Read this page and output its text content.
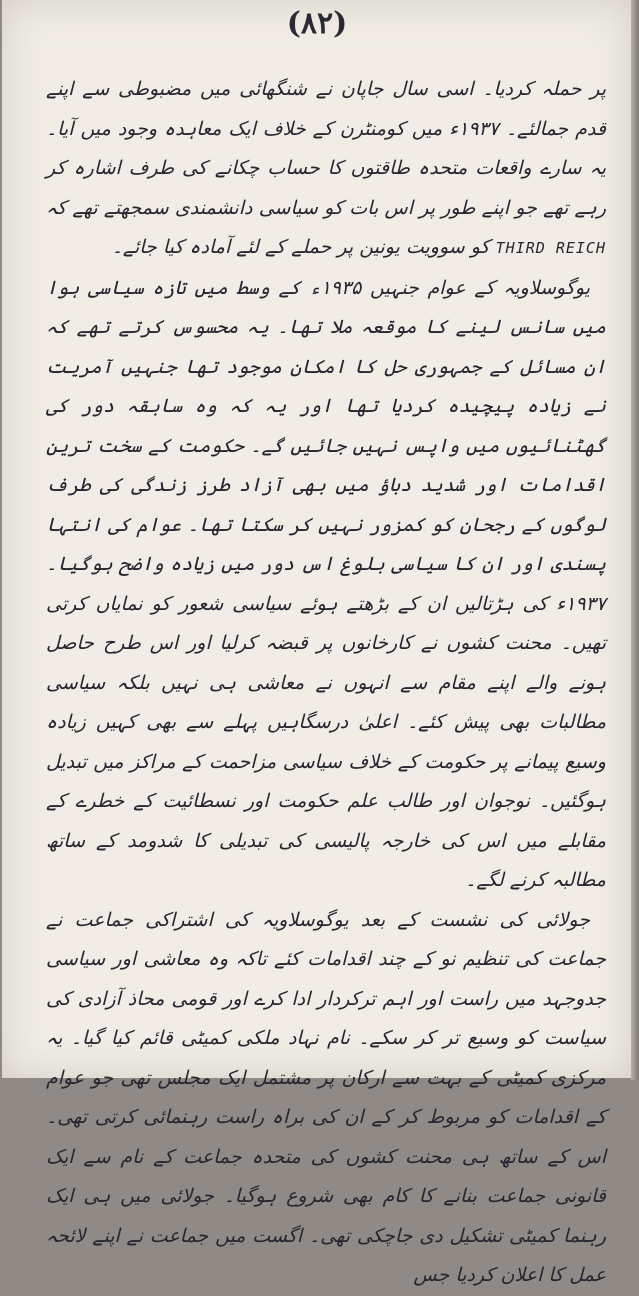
(۸۲)

پر حملہ کردیا۔ اسی سال جاپان نے شنگھائی میں مضبوطی سے اپنے قدم جمالئے۔ ۱۹۳۷ء میں کومنٹرن کے خلاف ایک معاہدہ وجود میں آیا۔ یہ سارے واقعات متحدہ طاقتوں کا حساب چکانے کی طرف اشارہ کر رہے تھے جو اپنے طور پر اس بات کو سیاسی دانشمندی سمجھتے تھے کہ THIRD REICH کو سوویت یونین پر حملے کے لئے آمادہ کیا جائے۔

یوگوسلاویہ کے عوام جنہیں ۱۹۳۵ء کے وسط میں تازہ سیاسی ہوا میں سانس لینے کا موقعہ ملا تھا۔ یہ محسوس کرتے تھے کہ ان مسائل کے جمہوری حل کا امکان موجود تھا جنہیں آمریت نے زیادہ پیچیدہ کردیا تھا اور یہ کہ وہ سابقہ دور کی گھٹنائیوں میں واپس نہیں جائیں گے۔ حکومت کے سخت ترین اقدامات اور شدید دباؤ میں بھی آزاد طرز زندگی کی طرف لوگوں کے رجحان کو کمزور نہیں کر سکتا تھا۔ عوام کی انتہا پسندی اور ان کا سیاسی بلوغ اس دور میں زیادہ واضح ہوگیا۔ ۱۹۳۷ء کی ہڑتالیں ان کے بڑھتے ہوئے سیاسی شعور کو نمایاں کرتی تھیں۔ محنت کشوں نے کارخانوں پر قبضہ کرلیا اور اس طرح حاصل ہونے والے اپنے مقام سے انہوں نے معاشی ہی نہیں بلکہ سیاسی مطالبات بھی پیش کئے۔ اعلیٰ درسگاہیں پہلے سے بھی کہیں زیادہ وسیع پیمانے پر حکومت کے خلاف سیاسی مزاحمت کے مراکز میں تبدیل ہوگئیں۔ نوجوان اور طالب علم حکومت اور نسطائیت کے خطرے کے مقابلے میں اس کی خارجہ پالیسی کی تبدیلی کا شدومد کے ساتھ مطالبہ کرنے لگے۔

جولائی کی نشست کے بعد یوگوسلاویہ کی اشتراکی جماعت نے جماعت کی تنظیم نو کے چند اقدامات کئے تاکہ وہ معاشی اور سیاسی جدوجہد میں راست اور اہم ترکردار ادا کرے اور قومی محاذ آزادی کی سیاست کو وسیع تر کر سکے۔ نام نہاد ملکی کمیٹی قائم کیا گیا۔ یہ مرکزی کمیٹی کے بہت سے ارکان پر مشتمل ایک مجلس تھی جو عوام کے اقدامات کو مربوط کر کے ان کی براہ راست رہنمائی کرتی تھی۔ اس کے ساتھ ہی محنت کشوں کی متحدہ جماعت کے نام سے ایک قانونی جماعت بنانے کا کام بھی شروع ہوگیا۔ جولائی میں ہی ایک رہنما کمیٹی تشکیل دی جاچکی تھی۔ اگست میں جماعت نے اپنے لائحہ عمل کا اعلان کردیا جس
